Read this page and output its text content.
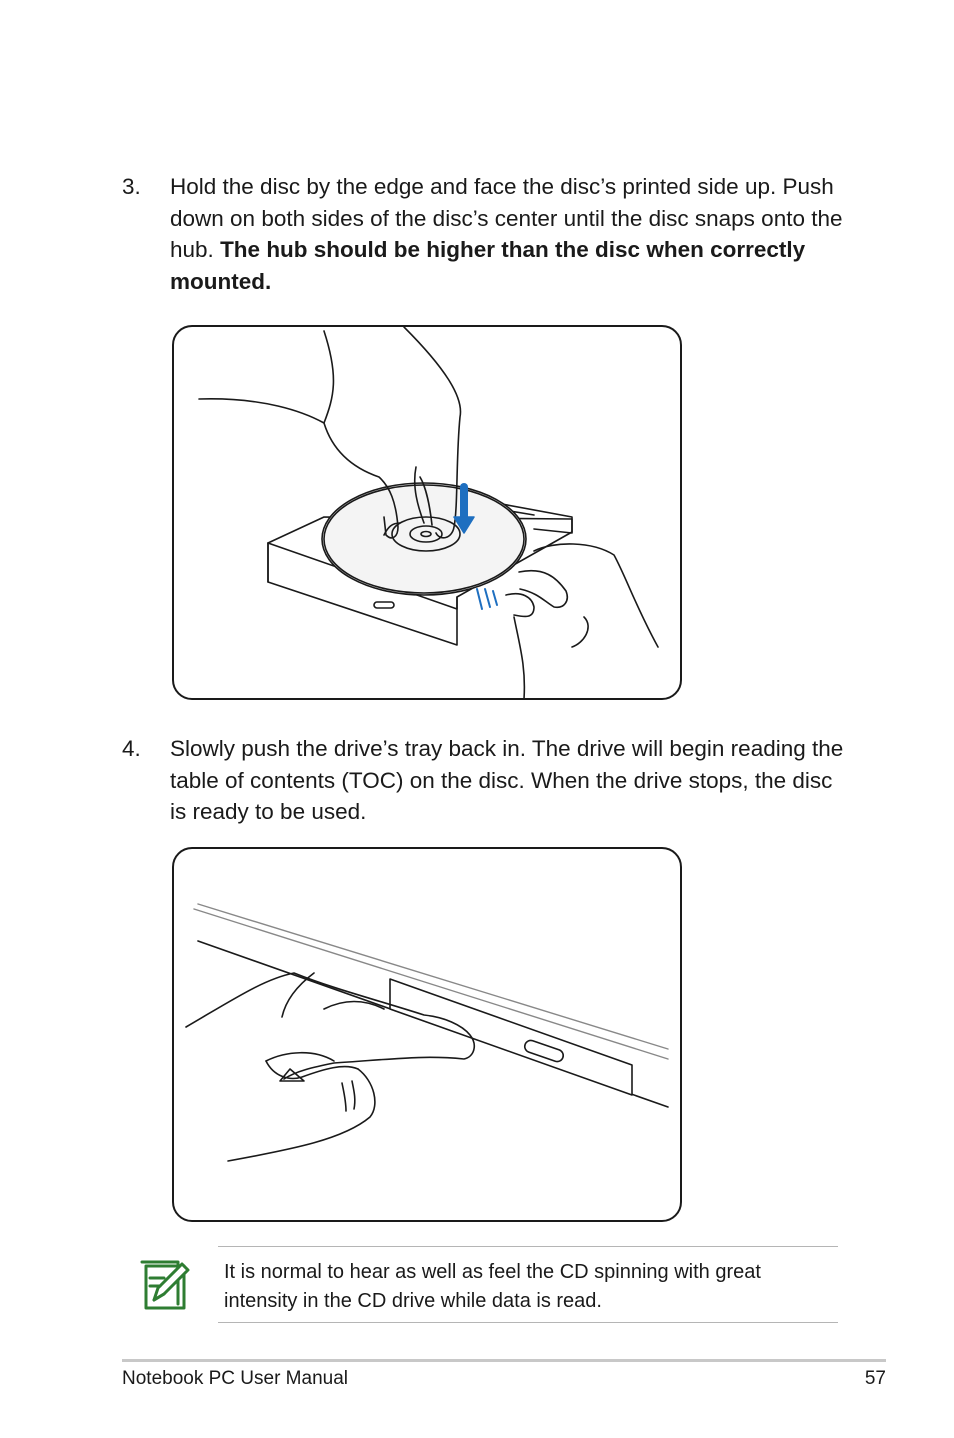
3. Hold the disc by the edge and face the disc’s printed side up. Push down on both sides of the disc’s center until the disc snaps onto the hub. The hub should be higher than the disc when correctly mounted.
4. Slowly push the drive’s tray back in. The drive will begin reading the table of contents (TOC) on the disc. When the drive stops, the disc is ready to be used.
It is normal to hear as well as feel the CD spinning with great intensity in the CD drive while data is read.
Notebook PC User Manual	57
